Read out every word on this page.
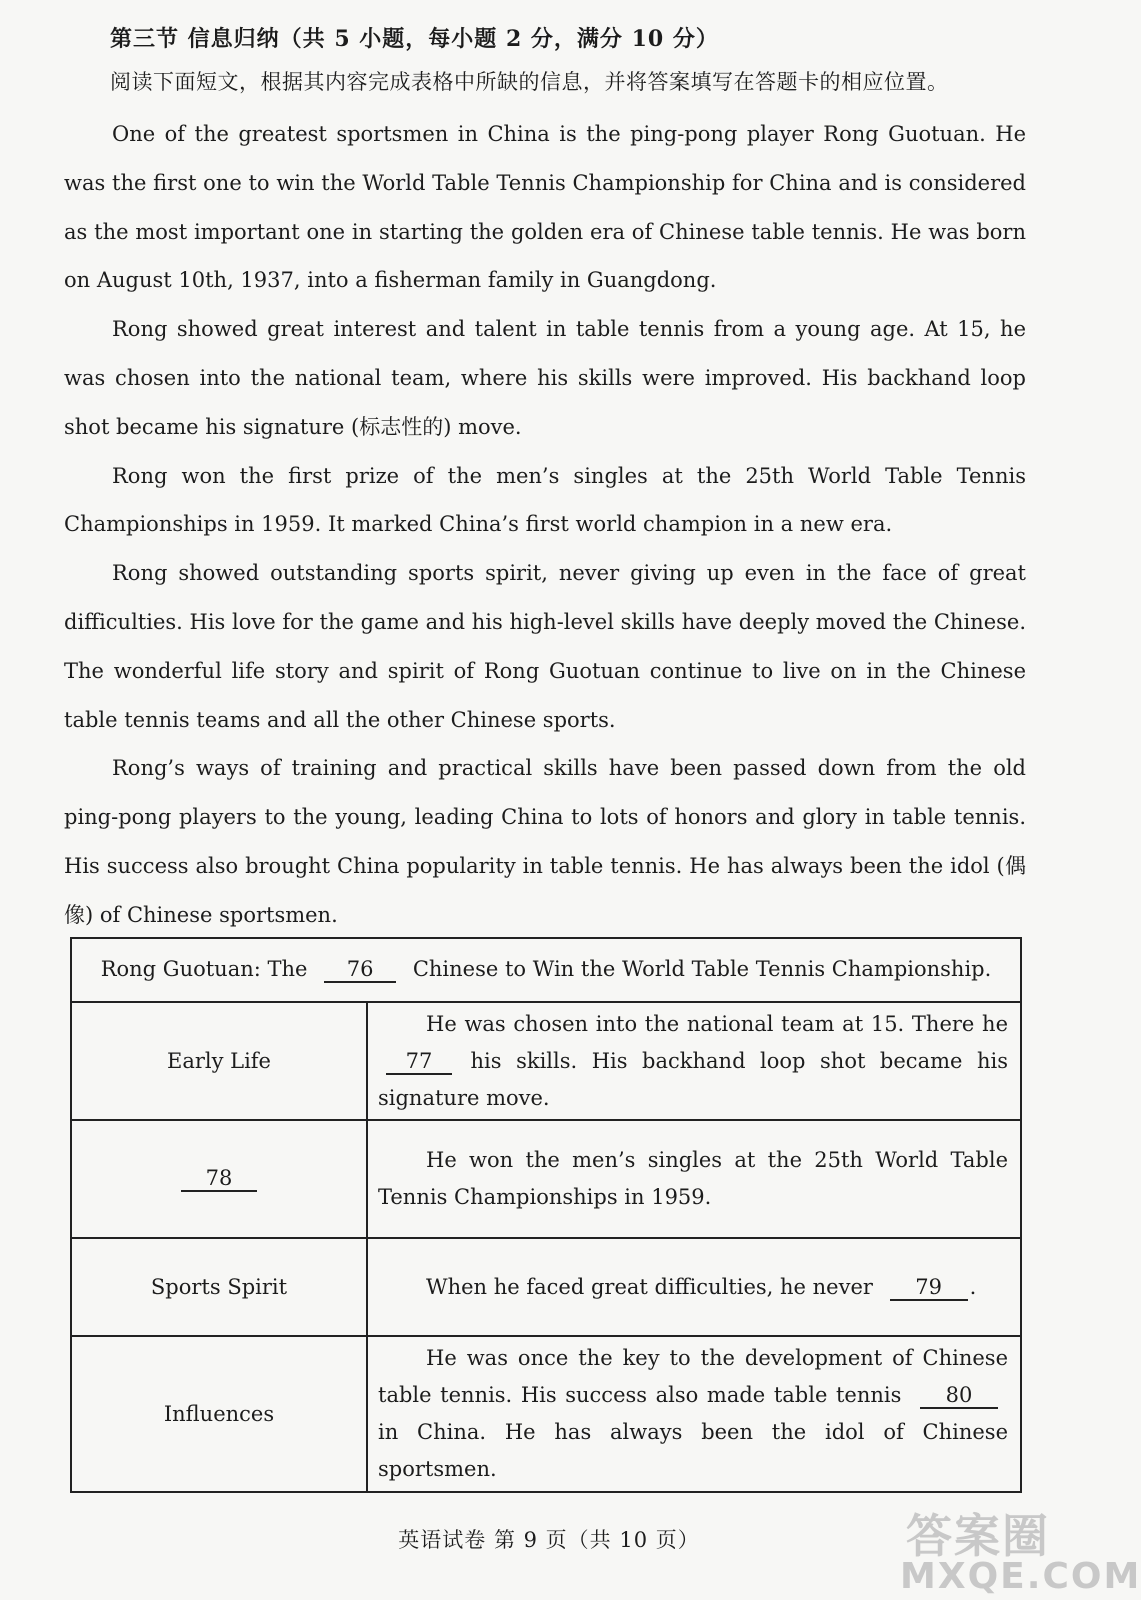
第三节 信息归纳（共 5 小题，每小题 2 分，满分 10 分）
阅读下面短文，根据其内容完成表格中所缺的信息，并将答案填写在答题卡的相应位置。

One of the greatest sportsmen in China is the ping-pong player Rong Guotuan. He was the first one to win the World Table Tennis Championship for China and is considered as the most important one in starting the golden era of Chinese table tennis. He was born on August 10th, 1937, into a fisherman family in Guangdong.

Rong showed great interest and talent in table tennis from a young age. At 15, he was chosen into the national team, where his skills were improved. His backhand loop shot became his signature (标志性的) move.

Rong won the first prize of the men’s singles at the 25th World Table Tennis Championships in 1959. It marked China’s first world champion in a new era.

Rong showed outstanding sports spirit, never giving up even in the face of great difficulties. His love for the game and his high-level skills have deeply moved the Chinese. The wonderful life story and spirit of Rong Guotuan continue to live on in the Chinese table tennis teams and all the other Chinese sports.

Rong’s ways of training and practical skills have been passed down from the old ping-pong players to the young, leading China to lots of honors and glory in table tennis. His success also brought China popularity in table tennis. He has always been the idol (偶像) of Chinese sportsmen.

Rong Guotuan: The 76 Chinese to Win the World Table Tennis Championship.	
Early Life	He was chosen into the national team at 15. There he 77 his skills. His backhand loop shot became his signature move.
78	He won the men’s singles at the 25th World Table Tennis Championships in 1959.
Sports Spirit	When he faced great difficulties, he never 79 .
Influences	He was once the key to the development of Chinese table tennis. His success also made table tennis 80 in China. He has always been the idol of Chinese sportsmen.
英语试卷 第 9 页（共 10 页）	答案圈
MXQE.COM
